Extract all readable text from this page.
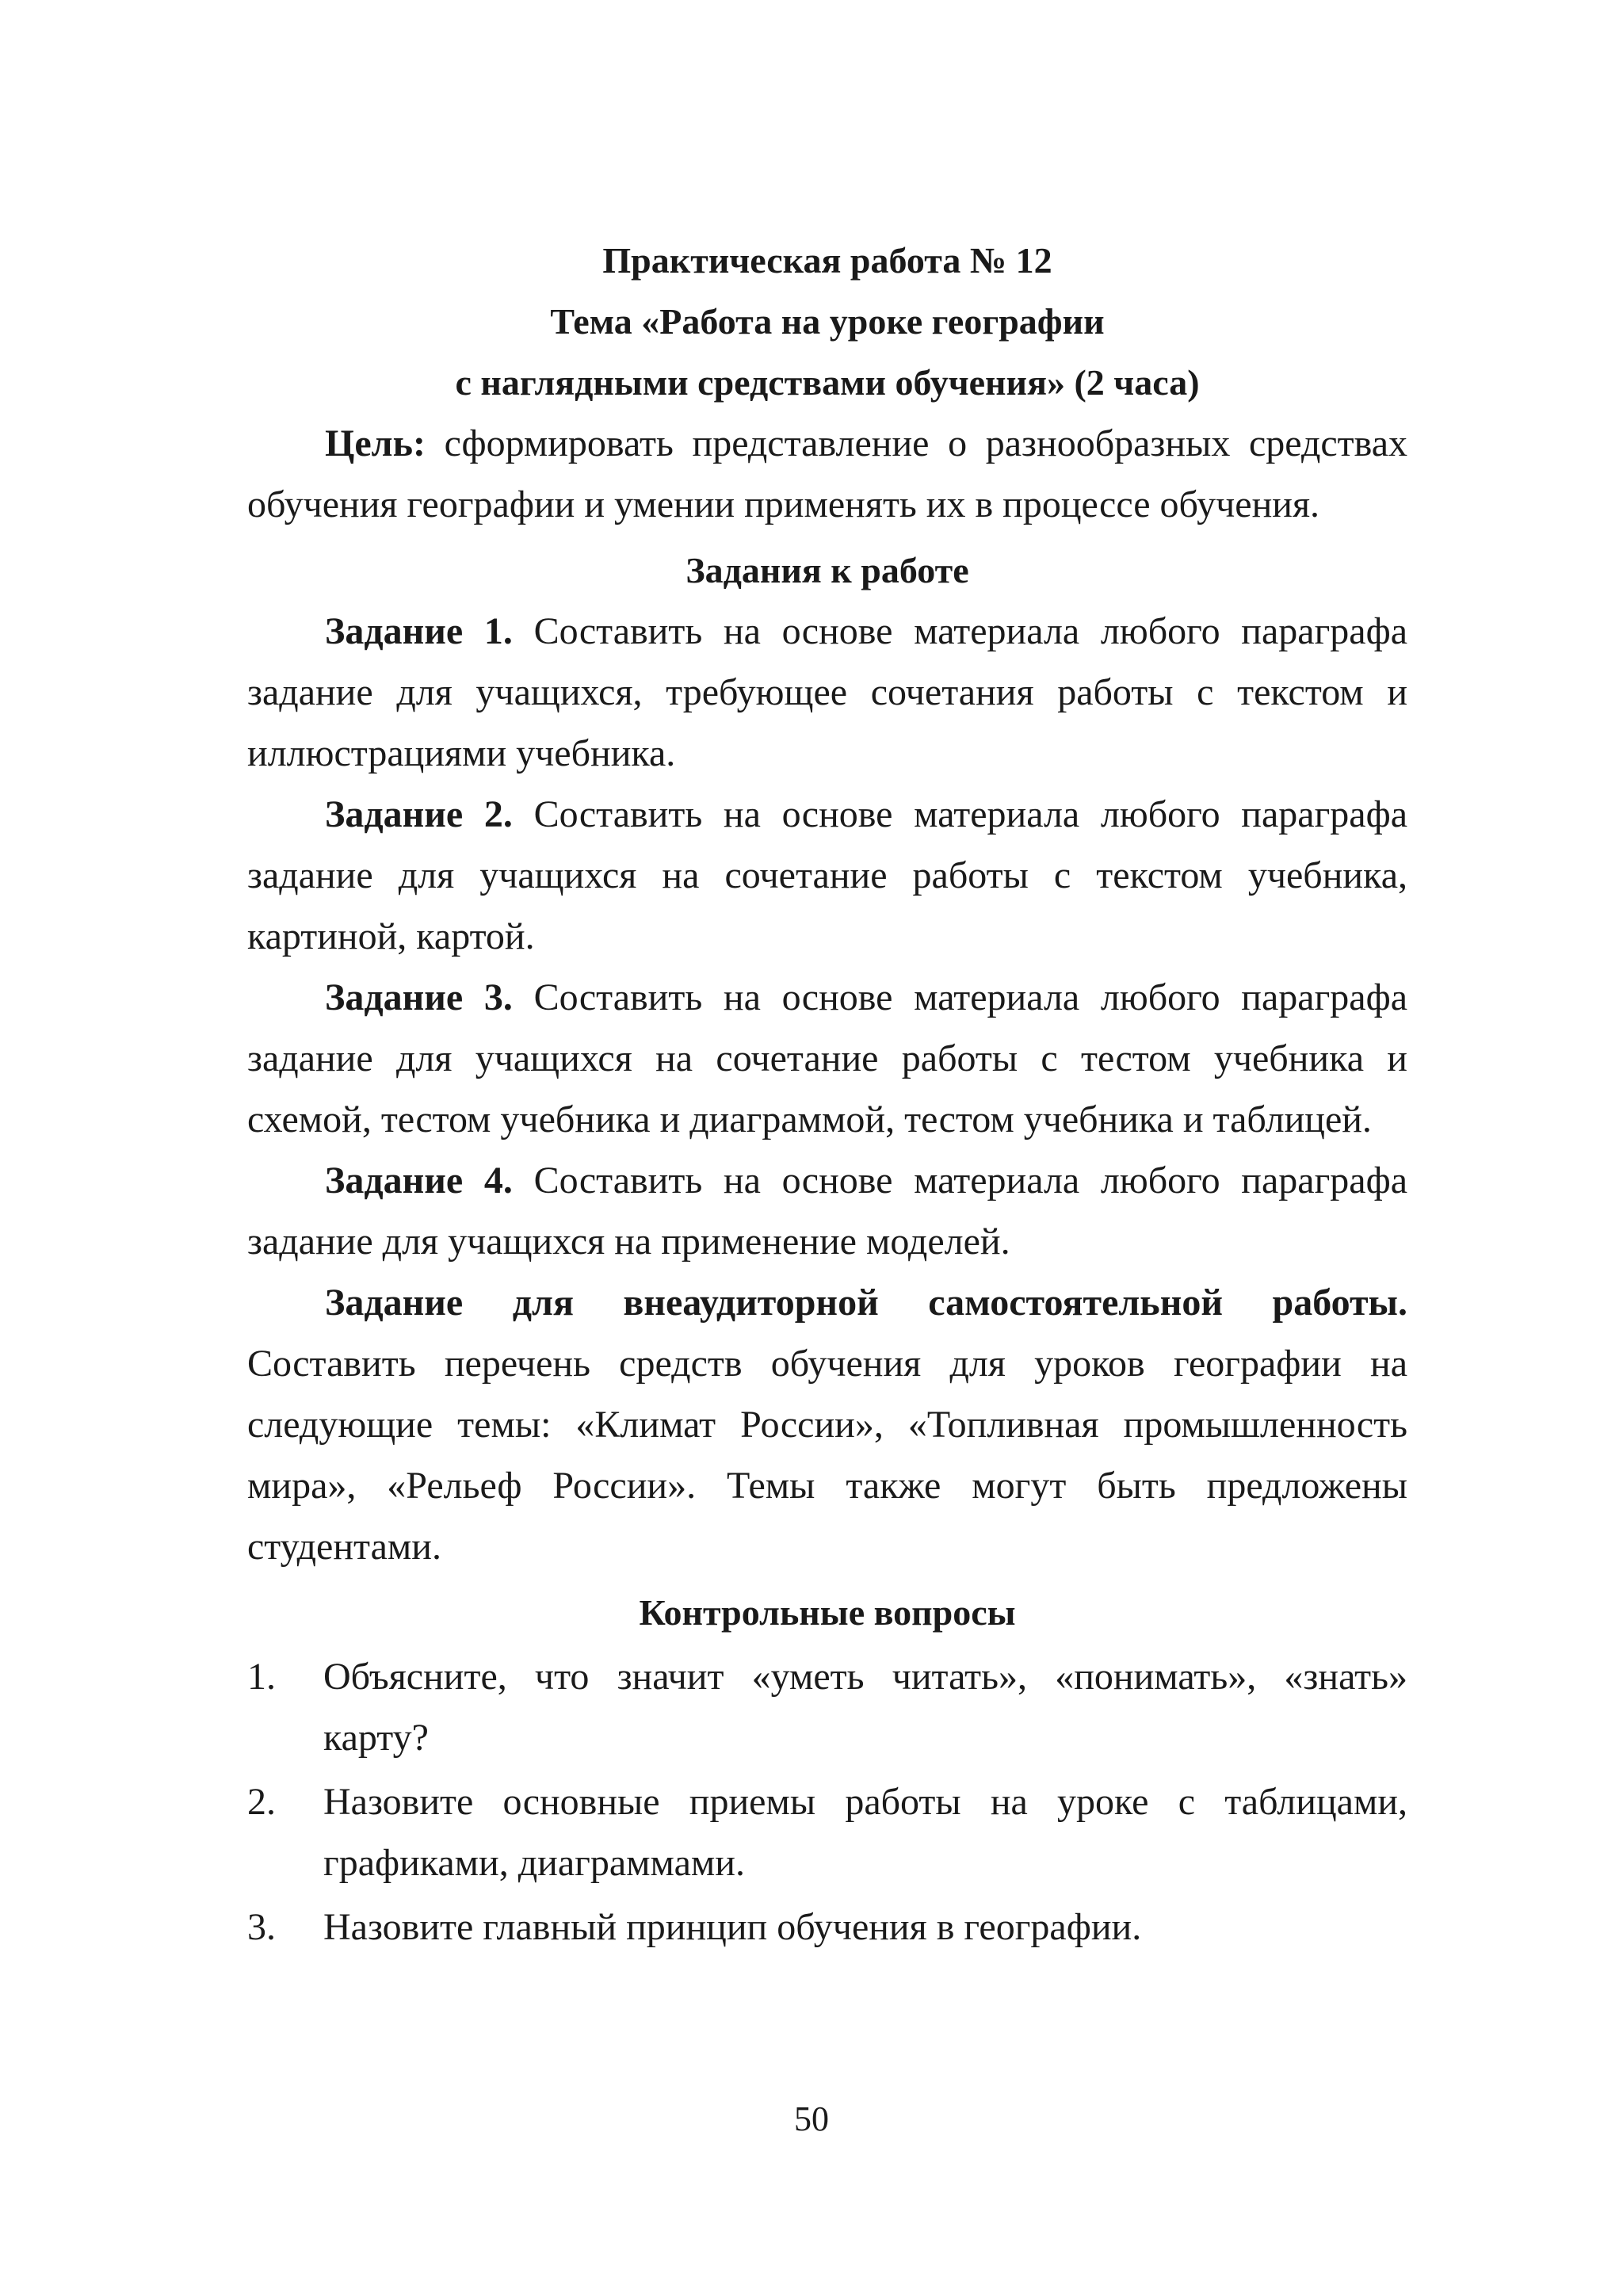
Практическая работа № 12

Тема «Работа на уроке географии

с наглядными средствами обучения» (2 часа)

Цель: сформировать представление о разнообразных средствах обучения географии и умении применять их в процессе обучения.

Задания к работе

Задание 1. Составить на основе материала любого параграфа задание для учащихся, требующее сочетания работы с текстом и иллюстрациями учебника.

Задание 2. Составить на основе материала любого параграфа задание для учащихся на сочетание работы с текстом учебника, картиной, картой.

Задание 3. Составить на основе материала любого параграфа задание для учащихся на сочетание работы с тестом учебника и схемой, тестом учебника и диаграммой, тестом учебника и таблицей.

Задание 4. Составить на основе материала любого параграфа задание для учащихся на применение моделей.

Задание для внеаудиторной самостоятельной работы. Составить перечень средств обучения для уроков географии на следующие темы: «Климат России», «Топливная промышленность мира», «Рельеф России». Темы также могут быть предложены студентами.

Контрольные вопросы

1.	Объясните, что значит «уметь читать», «понимать», «знать» карту?
2.	Назовите основные приемы работы на уроке с таблицами, графиками, диаграммами.
3.	Назовите главный принцип обучения в географии.
50
